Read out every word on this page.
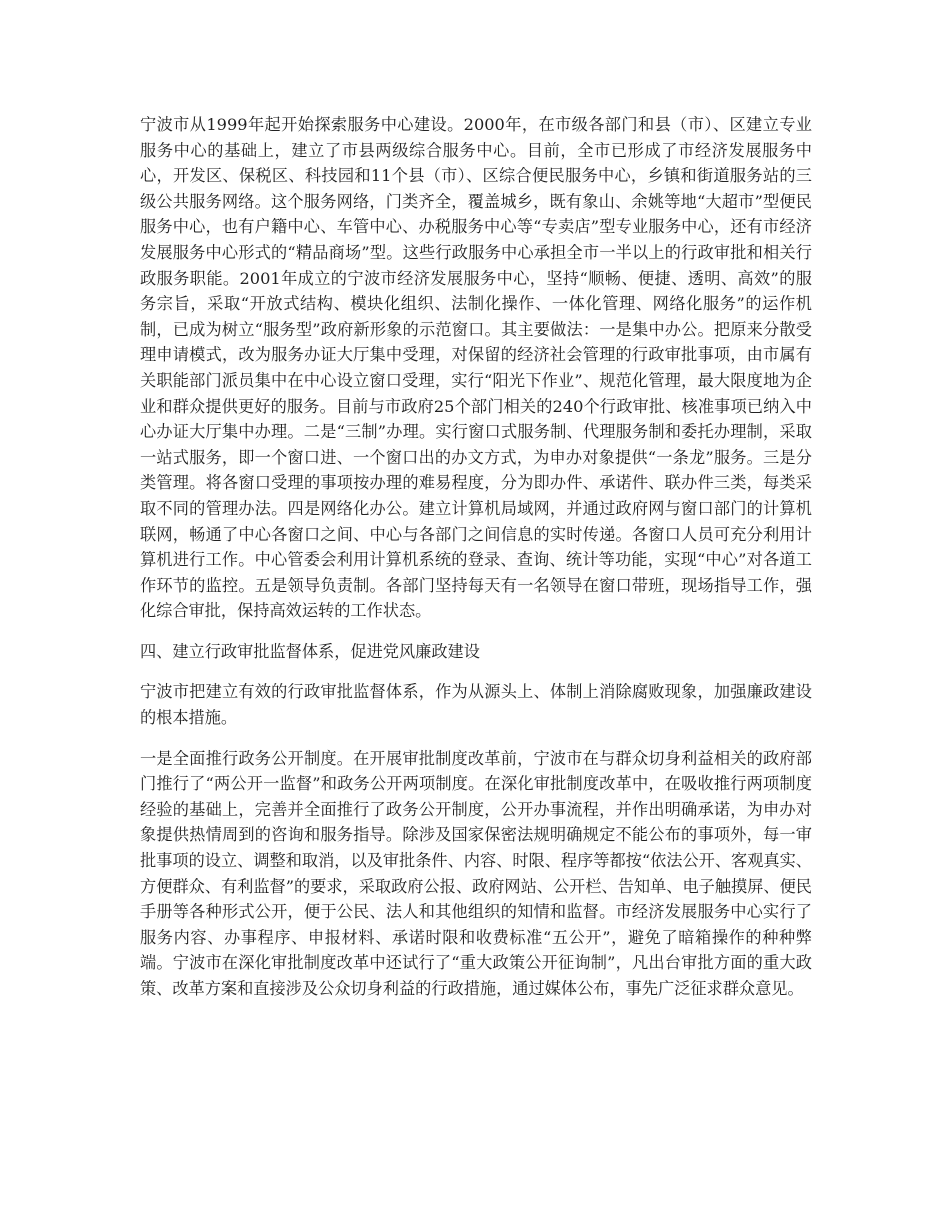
宁波市从1999年起开始探索服务中心建设。2000年，在市级各部门和县（市）、区建立专业服务中心的基础上，建立了市县两级综合服务中心。目前，全市已形成了市经济发展服务中心，开发区、保税区、科技园和11个县（市）、区综合便民服务中心，乡镇和街道服务站的三级公共服务网络。这个服务网络，门类齐全，覆盖城乡，既有象山、余姚等地“大超市”型便民服务中心，也有户籍中心、车管中心、办税服务中心等“专卖店”型专业服务中心，还有市经济发展服务中心形式的“精品商场”型。这些行政服务中心承担全市一半以上的行政审批和相关行政服务职能。2001年成立的宁波市经济发展服务中心，坚持“顺畅、便捷、透明、高效”的服务宗旨，采取“开放式结构、模块化组织、法制化操作、一体化管理、网络化服务”的运作机制，已成为树立“服务型”政府新形象的示范窗口。其主要做法：一是集中办公。把原来分散受理申请模式，改为服务办证大厅集中受理，对保留的经济社会管理的行政审批事项，由市属有关职能部门派员集中在中心设立窗口受理，实行“阳光下作业”、规范化管理，最大限度地为企业和群众提供更好的服务。目前与市政府25个部门相关的240个行政审批、核准事项已纳入中心办证大厅集中办理。二是“三制”办理。实行窗口式服务制、代理服务制和委托办理制，采取一站式服务，即一个窗口进、一个窗口出的办文方式，为申办对象提供“一条龙”服务。三是分类管理。将各窗口受理的事项按办理的难易程度，分为即办件、承诺件、联办件三类，每类采取不同的管理办法。四是网络化办公。建立计算机局域网，并通过政府网与窗口部门的计算机联网，畅通了中心各窗口之间、中心与各部门之间信息的实时传递。各窗口人员可充分利用计算机进行工作。中心管委会利用计算机系统的登录、查询、统计等功能，实现“中心”对各道工作环节的监控。五是领导负责制。各部门坚持每天有一名领导在窗口带班，现场指导工作，强化综合审批，保持高效运转的工作状态。

四、建立行政审批监督体系，促进党风廉政建设

宁波市把建立有效的行政审批监督体系，作为从源头上、体制上消除腐败现象，加强廉政建设的根本措施。

一是全面推行政务公开制度。在开展审批制度改革前，宁波市在与群众切身利益相关的政府部门推行了“两公开一监督”和政务公开两项制度。在深化审批制度改革中，在吸收推行两项制度经验的基础上，完善并全面推行了政务公开制度，公开办事流程，并作出明确承诺，为申办对象提供热情周到的咨询和服务指导。除涉及国家保密法规明确规定不能公布的事项外，每一审批事项的设立、调整和取消，以及审批条件、内容、时限、程序等都按“依法公开、客观真实、方便群众、有利监督”的要求，采取政府公报、政府网站、公开栏、告知单、电子触摸屏、便民手册等各种形式公开，便于公民、法人和其他组织的知情和监督。市经济发展服务中心实行了服务内容、办事程序、申报材料、承诺时限和收费标准“五公开”，避免了暗箱操作的种种弊端。宁波市在深化审批制度改革中还试行了“重大政策公开征询制”，凡出台审批方面的重大政策、改革方案和直接涉及公众切身利益的行政措施，通过媒体公布，事先广泛征求群众意见。
